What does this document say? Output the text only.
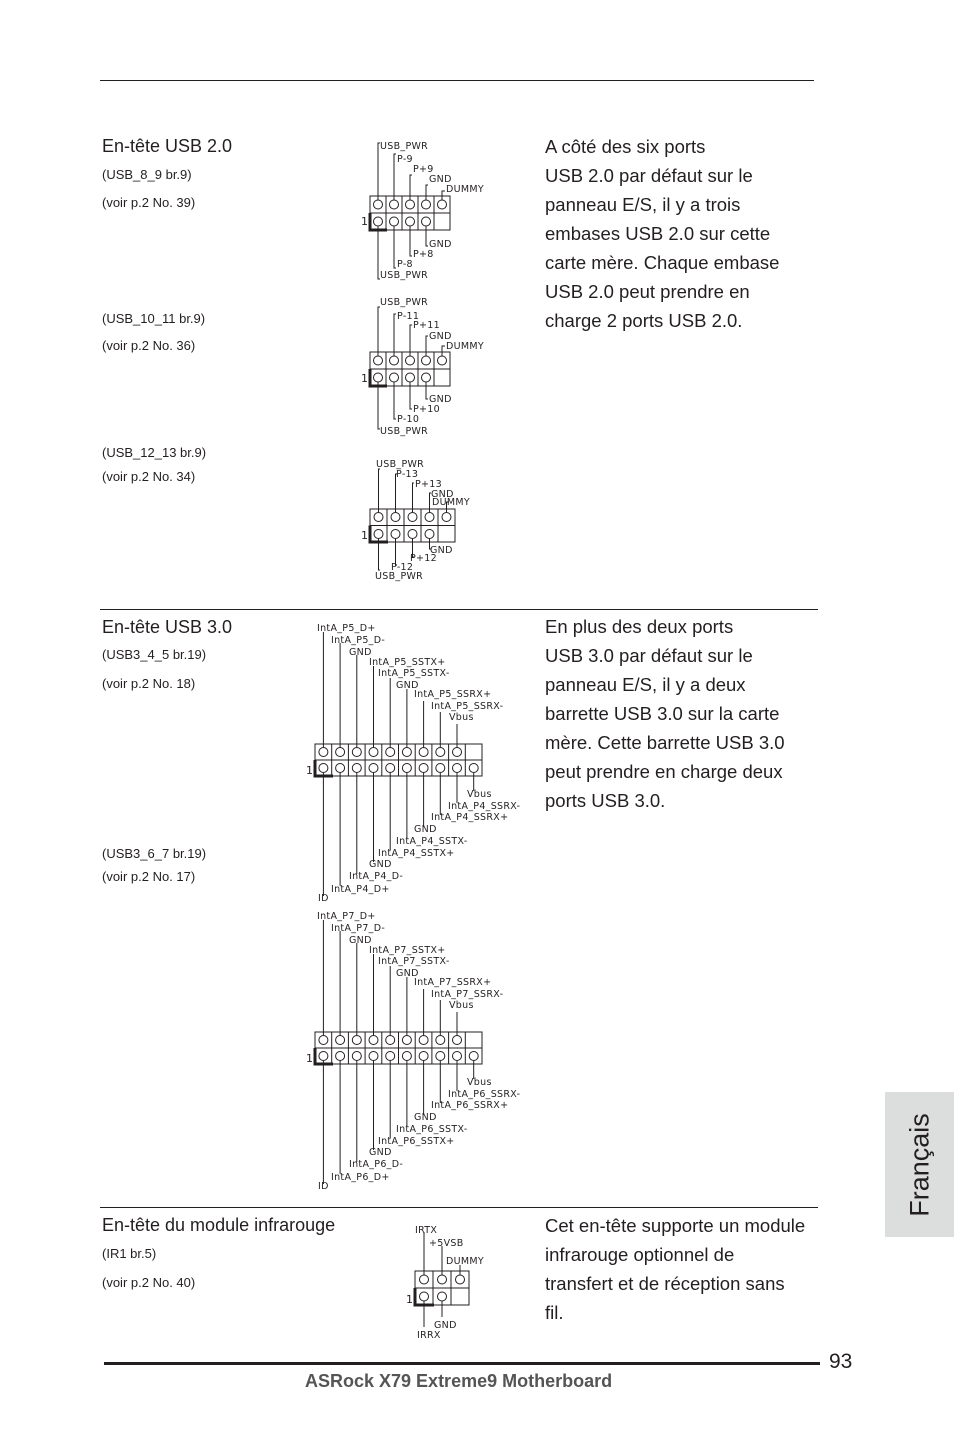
En-tête USB 2.0
(USB_8_9 br.9)
(voir p.2 No. 39)
(USB_10_11 br.9)
(voir p.2 No. 36)
(USB_12_13 br.9)
(voir p.2 No. 34)
A côté des six ports
USB 2.0 par défaut sur le
panneau E/S, il y a trois
embases USB 2.0 sur cette
carte mère. Chaque embase
USB 2.0 peut prendre en
charge 2 ports USB 2.0.
1
USB_PWR
P-9
P+9
GND
DUMMY
GND
P+8
P-8
USB_PWR
1
USB_PWR
P-11
P+11
GND
DUMMY
GND
P+10
P-10
USB_PWR
1
USB_PWR
P-13
P+13
GND
DUMMY
GND
P+12
P-12
USB_PWR
En-tête USB 3.0
(USB3_4_5 br.19)
(voir p.2 No. 18)
(USB3_6_7 br.19)
(voir p.2 No. 17)
En plus des deux ports
USB 3.0 par défaut sur le
panneau E/S, il y a deux
barrette USB 3.0 sur la carte
mère. Cette barrette USB 3.0
peut prendre en charge deux
ports USB 3.0.
1
IntA_P5_D+
IntA_P5_D-
GND
IntA_P5_SSTX+
IntA_P5_SSTX-
GND
IntA_P5_SSRX+
IntA_P5_SSRX-
Vbus
Vbus
IntA_P4_SSRX-
IntA_P4_SSRX+
GND
IntA_P4_SSTX-
IntA_P4_SSTX+
GND
IntA_P4_D-
IntA_P4_D+
ID
1
IntA_P7_D+
IntA_P7_D-
GND
IntA_P7_SSTX+
IntA_P7_SSTX-
GND
IntA_P7_SSRX+
IntA_P7_SSRX-
Vbus
Vbus
IntA_P6_SSRX-
IntA_P6_SSRX+
GND
IntA_P6_SSTX-
IntA_P6_SSTX+
GND
IntA_P6_D-
IntA_P6_D+
ID
En-tête du module infrarouge
(IR1 br.5)
(voir p.2 No. 40)
Cet en-tête supporte un module
infrarouge optionnel de
transfert et de réception sans
fil.
1
IRTX
+5VSB
DUMMY
GND
IRRX
Français
93
ASRock X79 Extreme9 Motherboard
